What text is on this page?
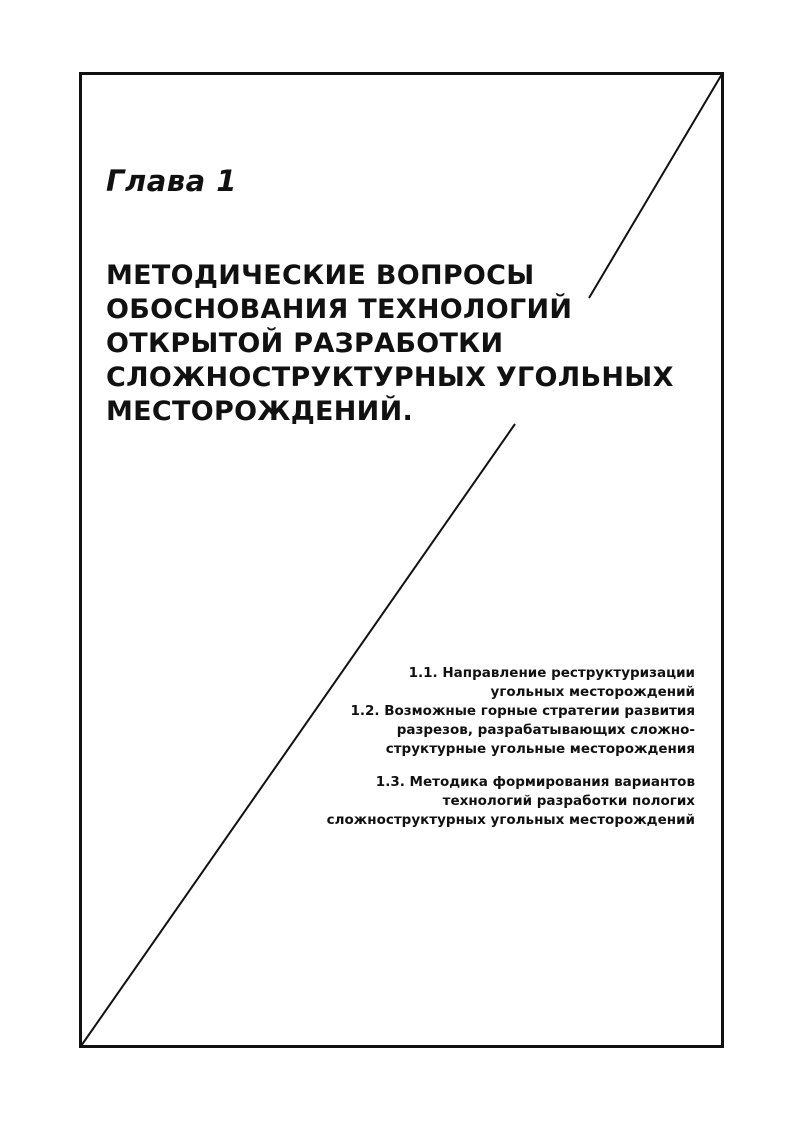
Глава 1
МЕТОДИЧЕСКИЕ ВОПРОСЫ
ОБОСНОВАНИЯ ТЕХНОЛОГИЙ
ОТКРЫТОЙ РАЗРАБОТКИ
СЛОЖНОСТРУКТУРНЫХ УГОЛЬНЫХ
МЕСТОРОЖДЕНИЙ.
1.1. Направление реструктуризации
угольных месторождений
1.2. Возможные горные стратегии развития
разрезов, разрабатывающих сложно-
структурные угольные месторождения
1.3. Методика формирования вариантов
технологий разработки пологих
сложноструктурных угольных месторождений
